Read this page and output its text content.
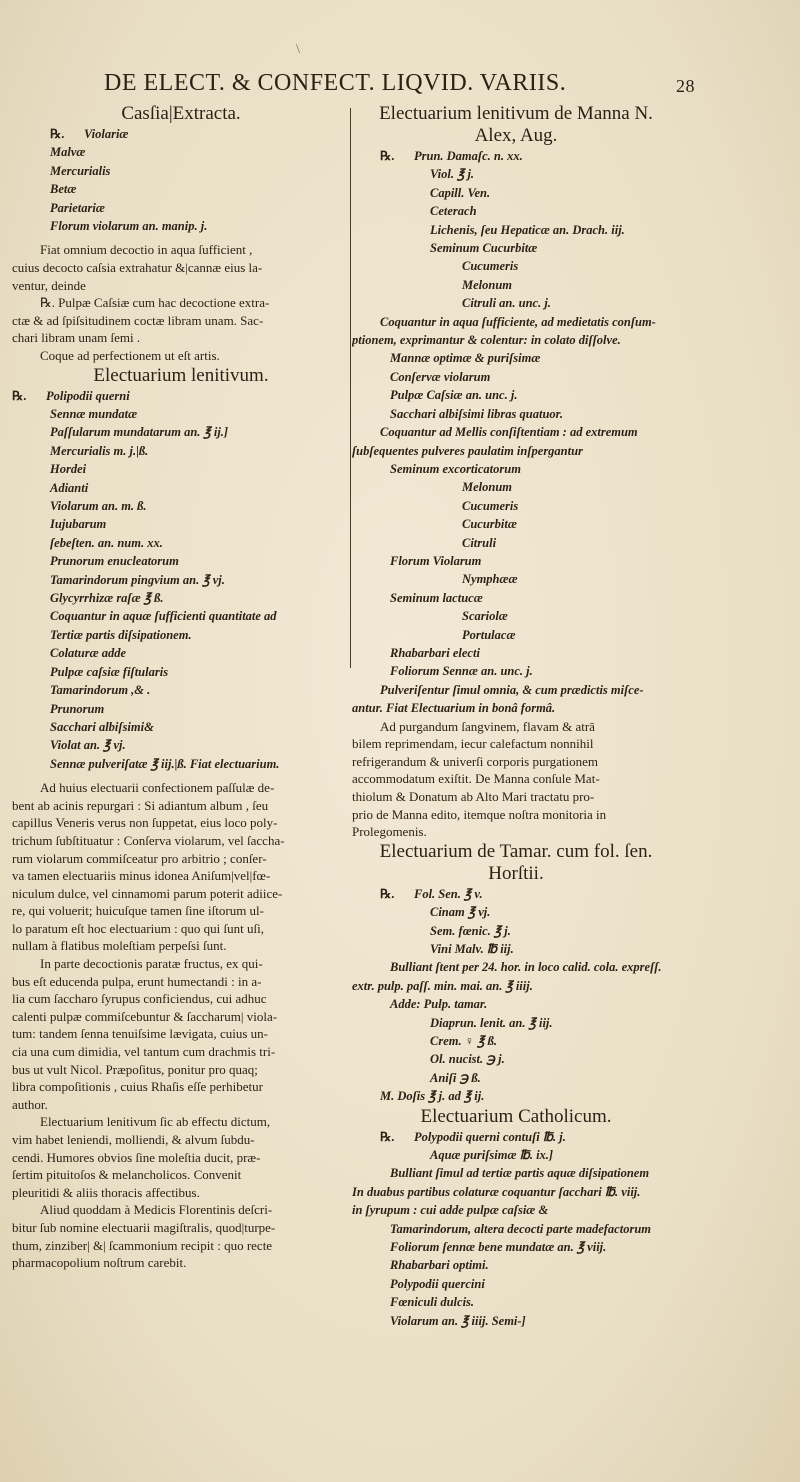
\
DE ELECT. & CONFECT. LIQVID. VARIIS.	28
Casſia|Extracta.
℞. Violariæ
Malvæ
Mercurialis
Betæ
Parietariæ
Florum violarum an. manip. j.
Fiat omnium decoctio in aqua ſufficient ,
cuius decocto caſsia extrahatur &|cannæ eius la-
ventur, deinde
℞. Pulpæ Caſsiæ cum hac decoctione extra-
ctæ & ad ſpiſsitudinem coctæ libram unam. Sac-
chari libram unam ſemi .
Coque ad perfectionem ut eſt artis.
Electuarium lenitivum.
℞. Polipodii querni
Sennæ mundatæ
Paſſularum mundatarum an. ℥ ij.]
Mercurialis m. j.|ß.
Hordei
Adianti
Violarum an. m. ß.
Iujubarum
ſebeſten. an. num. xx.
Prunorum enucleatorum
Tamarindorum pingvium an. ℥ vj.
Glycyrrhizæ raſæ ℥ ß.
Coquantur in aquæ ſufficienti quantitate ad
Tertiæ partis diſsipationem.
Colaturæ adde
Pulpæ caſsiæ fiſtularis
Tamarindorum ,& .
Prunorum
Sacchari albiſsimi&
Violat an. ℥ vj.
Sennæ pulveriſatæ ℥ iij.|ß. Fiat electuarium.
Ad huius electuarii confectionem paſſulæ de-
bent ab acinis repurgari : Si adiantum album , ſeu
capillus Veneris verus non ſuppetat, eius loco poly-
trichum ſubſtituatur : Conſerva violarum, vel ſaccha-
rum violarum commiſceatur pro arbitrio ; conſer-
va tamen electuariis minus idonea Aniſum|vel|fœ-
niculum dulce, vel cinnamomi parum poterit adiice-
re, qui voluerit; huicuſque tamen ſine iſtorum ul-
lo paratum eſt hoc electuarium : quo qui ſunt uſi,
nullam à flatibus moleſtiam perpeſsi ſunt.
In parte decoctionis paratæ fructus, ex qui-
bus eſt educenda pulpa, erunt humectandi : in a-
lia cum ſaccharo ſyrupus conficiendus, cui adhuc
calenti pulpæ commiſcebuntur & ſaccharum| viola-
tum: tandem ſenna tenuiſsime lævigata, cuius un-
cia una cum dimidia, vel tantum cum drachmis tri-
bus ut vult Nicol. Præpoſitus, ponitur pro quaq;
libra compoſitionis , cuius Rhaſis eſſe perhibetur
author.
Electuarium lenitivum ſic ab effectu dictum,
vim habet leniendi, molliendi, & alvum ſubdu-
cendi. Humores obvios ſine moleſtia ducit, præ-
ſertim pituitoſos & melancholicos. Convenit
pleuritidi & aliis thoracis affectibus.
Aliud quoddam à Medicis Florentinis deſcri-
bitur ſub nomine electuarii magiſtralis, quod|turpe-
thum, zinziber| &| ſcammonium recipit : quo recte
pharmacopolium noſtrum carebit.
Electuarium lenitivum de Manna N.
Alex, Aug.
℞. Prun. Damaſc. n. xx.
Viol. ℥ j.
Capill. Ven.
Ceterach
Lichenis, ſeu Hepaticæ an. Drach. iij.
Seminum Cucurbitæ
Cucumeris
Melonum
Citruli an. unc. j.
Coquantur in aqua ſufficiente, ad medietatis conſum-
ptionem, exprimantur & colentur: in colato diſſolve.
Mannæ optimæ & puriſsimæ
Conſervæ violarum
Pulpæ Caſsiæ an. unc. j.
Sacchari albiſsimi libras quatuor.
Coquantur ad Mellis conſiſtentiam : ad extremum
ſubſequentes pulveres paulatim inſpergantur
Seminum excorticatorum
Melonum
Cucumeris
Cucurbitæ
Citruli
Florum Violarum
Nymphææ
Seminum lactucæ
Scariolæ
Portulacæ
Rhabarbari electi
Foliorum Sennæ an. unc. j.
Pulveriſentur ſimul omnia, & cum prædictis miſce-
antur. Fiat Electuarium in bonâ formâ.
Ad purgandum ſangvinem, flavam & atrā
bilem reprimendam, iecur calefactum nonnihil
refrigerandum & univerſi corporis purgationem
accommodatum exiſtit. De Manna conſule Mat-
thiolum & Donatum ab Alto Mari tractatu pro-
prio de Manna edito, itemque noſtra monitoria in
Prolegomenis.
Electuarium de Tamar. cum fol. ſen.
Horſtii.
℞. Fol. Sen. ℥ v.
Cinam ℥ vj.
Sem. fœnic. ℥ j.
Vini Malv. ℔ iij.
Bulliant ſtent per 24. hor. in loco calid. cola. expreſſ.
extr. pulp. paſſ. min. mai. an. ℥ iiij.
Adde: Pulp. tamar.
Diaprun. lenit. an. ℥ iij.
Crem. ♀ ℥ ß.
Ol. nucist. ℈ j.
Aniſi ℈ ß.
M. Doſis ℥ j. ad ℥ ij.
Electuarium Catholicum.
℞. Polypodii querni contuſi ℔. j.
Aquæ puriſsimæ ℔. ix.]
Bulliant ſimul ad tertiæ partis aquæ diſsipationem
In duabus partibus colaturæ coquantur ſacchari ℔. viij.
in ſyrupum : cui adde pulpæ caſsiæ &
Tamarindorum, altera decocti parte madefactorum
Foliorum ſennæ bene mundatæ an. ℥ viij.
Rhabarbari optimi.
Polypodii quercini
Fœniculi dulcis.
Violarum an. ℥ iiij. Semi-]
